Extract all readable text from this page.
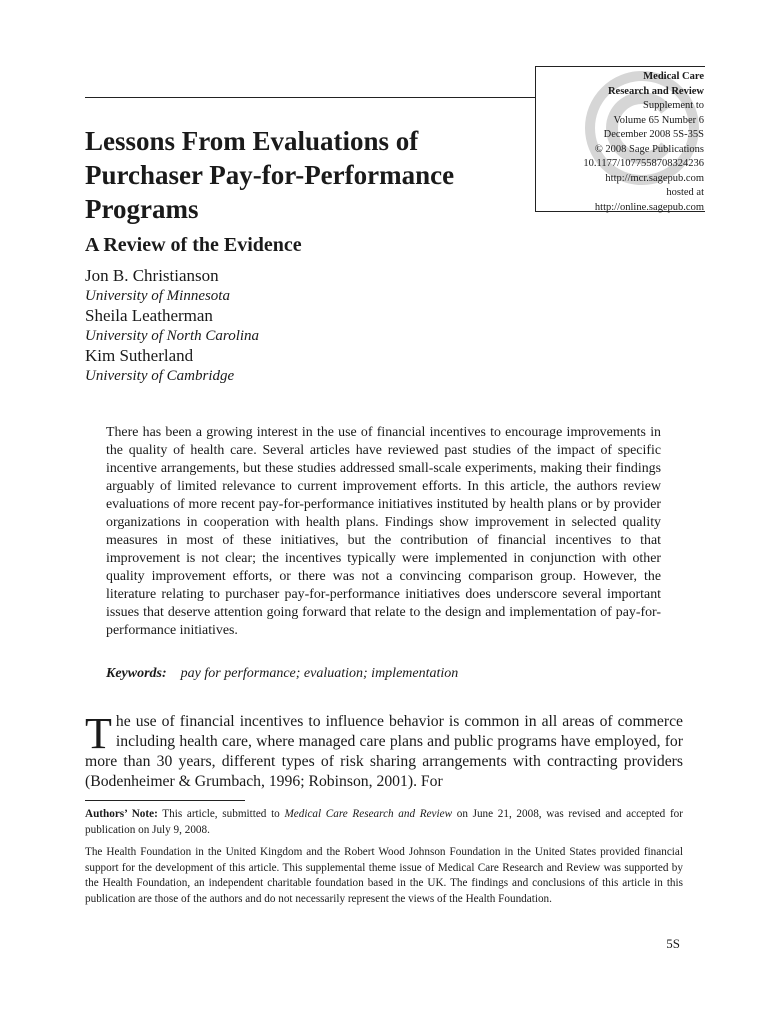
Medical Care
Research and Review
Supplement to
Volume 65 Number 6
December 2008 5S-35S
© 2008 Sage Publications
10.1177/1077558708324236
http://mcr.sagepub.com
hosted at
http://online.sagepub.com
Lessons From Evaluations of Purchaser Pay-for-Performance Programs
A Review of the Evidence
Jon B. Christianson
University of Minnesota
Sheila Leatherman
University of North Carolina
Kim Sutherland
University of Cambridge

There has been a growing interest in the use of financial incentives to encourage improvements in the quality of health care. Several articles have reviewed past studies of the impact of specific incentive arrangements, but these studies addressed small-scale experiments, making their findings arguably of limited relevance to current improvement efforts. In this article, the authors review evaluations of more recent pay-for-performance initiatives instituted by health plans or by provider organizations in cooperation with health plans. Findings show improvement in selected quality measures in most of these initiatives, but the contribution of financial incentives to that improvement is not clear; the incentives typically were implemented in conjunction with other quality improvement efforts, or there was not a convincing comparison group. However, the literature relating to purchaser pay-for-performance initiatives does underscore several important issues that deserve attention going forward that relate to the design and implementation of pay-for-performance initiatives.

Keywords: pay for performance; evaluation; implementation

The use of financial incentives to influence behavior is common in all areas of commerce including health care, where managed care plans and public programs have employed, for more than 30 years, different types of risk sharing arrangements with contracting providers (Bodenheimer & Grumbach, 1996; Robinson, 2001). For

Authors’ Note: This article, submitted to Medical Care Research and Review on June 21, 2008, was revised and accepted for publication on July 9, 2008.

The Health Foundation in the United Kingdom and the Robert Wood Johnson Foundation in the United States provided financial support for the development of this article. This supplemental theme issue of Medical Care Research and Review was supported by the Health Foundation, an independent charitable foundation based in the UK. The findings and conclusions of this article in this publication are those of the authors and do not necessarily represent the views of the Health Foundation.

5S
